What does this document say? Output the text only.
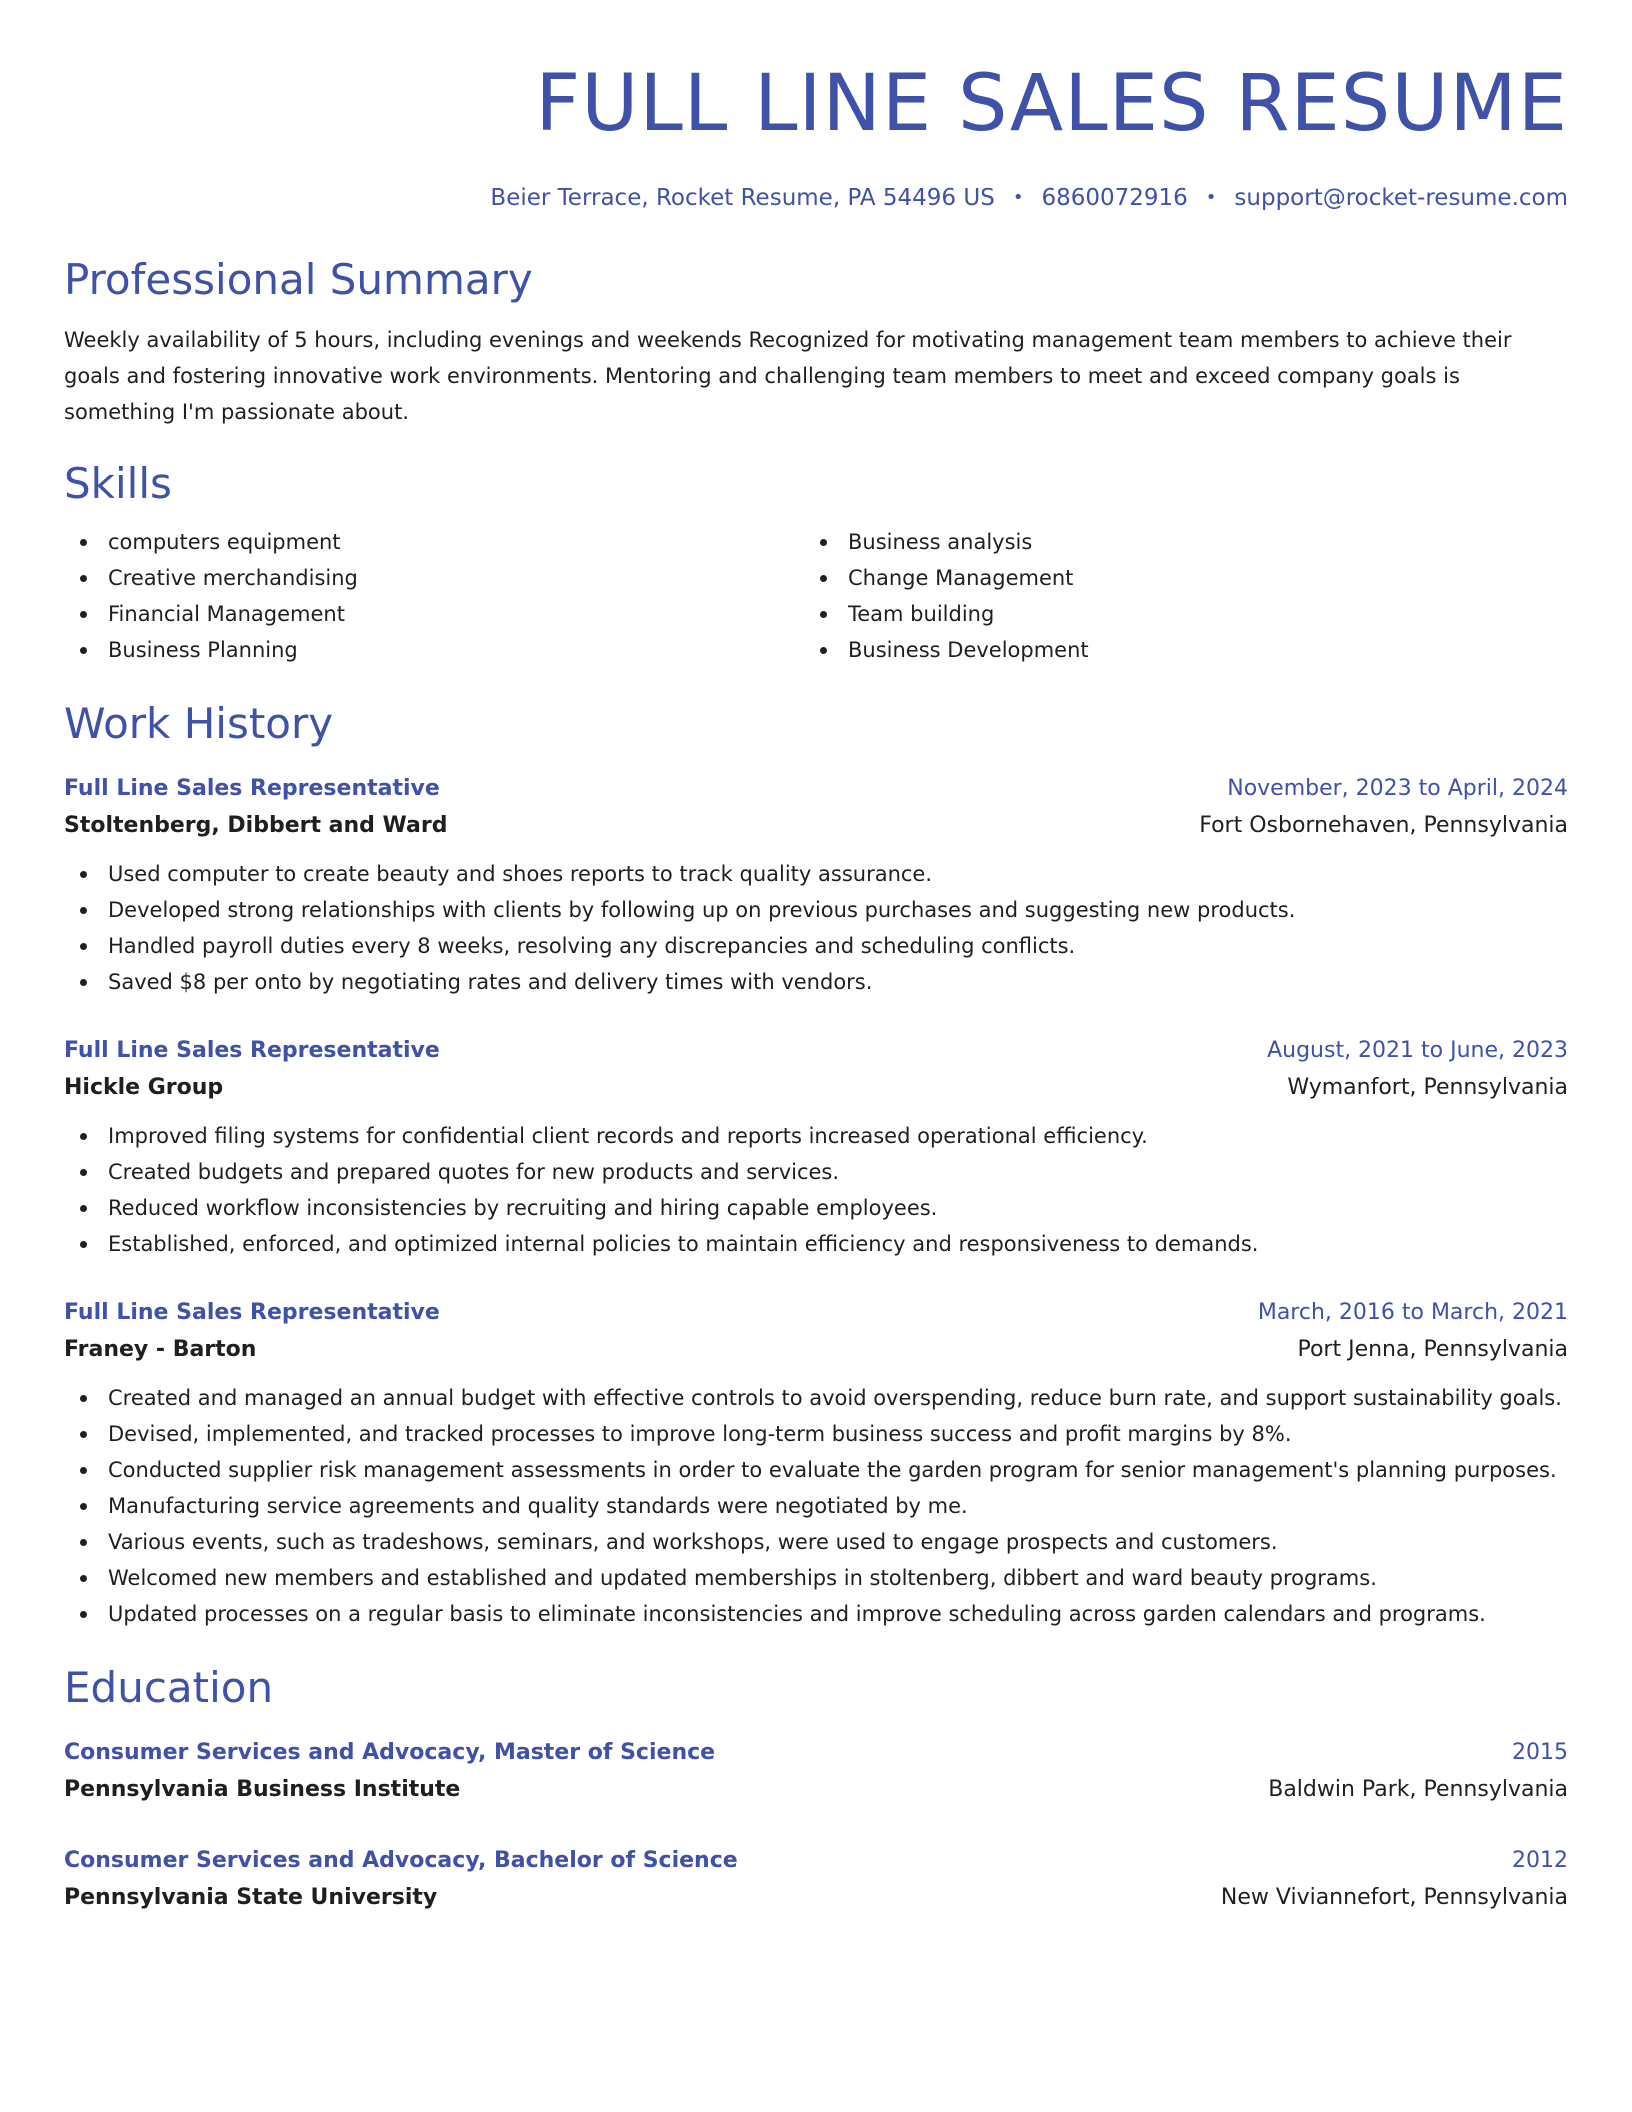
FULL LINE SALES RESUME
Beier Terrace, Rocket Resume, PA 54496 US • 6860072916 • support@rocket-resume.com
Professional Summary
Weekly availability of 5 hours, including evenings and weekends Recognized for motivating management team members to achieve their goals and fostering innovative work environments. Mentoring and challenging team members to meet and exceed company goals is something I'm passionate about.
Skills
computers equipment
Creative merchandising
Financial Management
Business Planning
Business analysis
Change Management
Team building
Business Development
Work History
Full Line Sales Representative	November, 2023 to April, 2024
Stoltenberg, Dibbert and Ward	Fort Osbornehaven, Pennsylvania
Used computer to create beauty and shoes reports to track quality assurance.
Developed strong relationships with clients by following up on previous purchases and suggesting new products.
Handled payroll duties every 8 weeks, resolving any discrepancies and scheduling conflicts.
Saved $8 per onto by negotiating rates and delivery times with vendors.
Full Line Sales Representative	August, 2021 to June, 2023
Hickle Group	Wymanfort, Pennsylvania
Improved filing systems for confidential client records and reports increased operational efficiency.
Created budgets and prepared quotes for new products and services.
Reduced workflow inconsistencies by recruiting and hiring capable employees.
Established, enforced, and optimized internal policies to maintain efficiency and responsiveness to demands.
Full Line Sales Representative	March, 2016 to March, 2021
Franey - Barton	Port Jenna, Pennsylvania
Created and managed an annual budget with effective controls to avoid overspending, reduce burn rate, and support sustainability goals.
Devised, implemented, and tracked processes to improve long-term business success and profit margins by 8%.
Conducted supplier risk management assessments in order to evaluate the garden program for senior management's planning purposes.
Manufacturing service agreements and quality standards were negotiated by me.
Various events, such as tradeshows, seminars, and workshops, were used to engage prospects and customers.
Welcomed new members and established and updated memberships in stoltenberg, dibbert and ward beauty programs.
Updated processes on a regular basis to eliminate inconsistencies and improve scheduling across garden calendars and programs.
Education
Consumer Services and Advocacy, Master of Science	2015
Pennsylvania Business Institute	Baldwin Park, Pennsylvania
Consumer Services and Advocacy, Bachelor of Science	2012
Pennsylvania State University	New Viviannefort, Pennsylvania
